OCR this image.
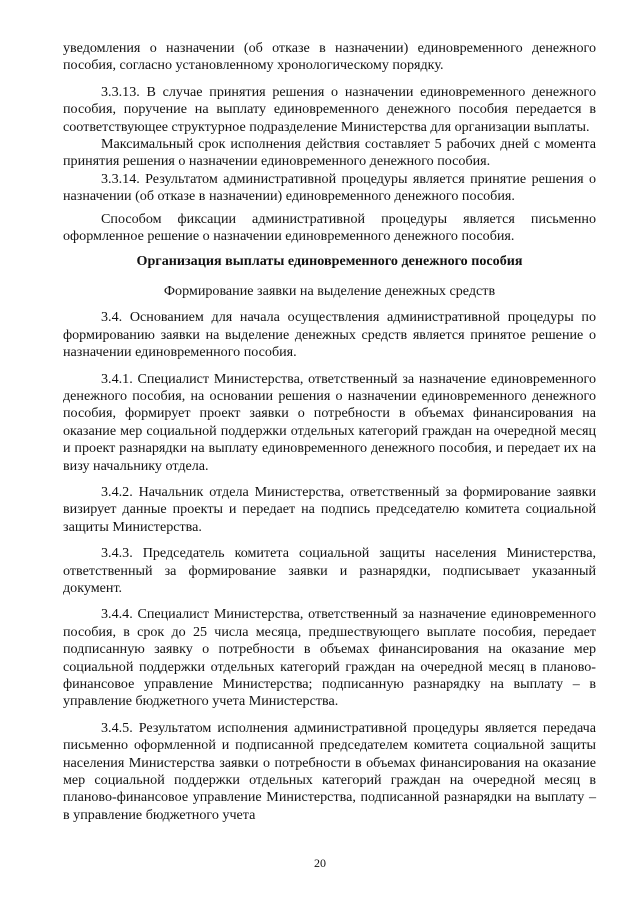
уведомления о назначении (об отказе в назначении) единовременного денежного пособия, согласно установленному хронологическому порядку.

3.3.13. В случае принятия решения о назначении единовременного денежного пособия, поручение на выплату единовременного денежного пособия передается в соответствующее структурное подразделение Министерства для организации выплаты.

Максимальный срок исполнения действия составляет 5 рабочих дней с момента принятия решения о назначении единовременного денежного пособия.

3.3.14. Результатом административной процедуры является принятие решения о назначении (об отказе в назначении) единовременного денежного пособия.

Способом фиксации административной процедуры является письменно оформленное решение о назначении единовременного денежного пособия.

Организация выплаты единовременного денежного пособия

Формирование заявки на выделение денежных средств

3.4. Основанием для начала осуществления административной процедуры по формированию заявки на выделение денежных средств является принятое решение о назначении единовременного пособия.

3.4.1. Специалист Министерства, ответственный за назначение единовременного денежного пособия, на основании решения о назначении единовременного денежного пособия, формирует проект заявки о потребности в объемах финансирования на оказание мер социальной поддержки отдельных категорий граждан на очередной месяц и проект разнарядки на выплату единовременного денежного пособия, и передает их на визу начальнику отдела.

3.4.2. Начальник отдела Министерства, ответственный за формирование заявки визирует данные проекты и передает на подпись председателю комитета социальной защиты Министерства.

3.4.3. Председатель комитета социальной защиты населения Министерства, ответственный за формирование заявки и разнарядки, подписывает указанный документ.

3.4.4. Специалист Министерства, ответственный за назначение единовременного пособия, в срок до 25 числа месяца, предшествующего выплате пособия, передает подписанную заявку о потребности в объемах финансирования на оказание мер социальной поддержки отдельных категорий граждан на очередной месяц в планово-финансовое управление Министерства; подписанную разнарядку на выплату – в управление бюджетного учета Министерства.

3.4.5. Результатом исполнения административной процедуры является передача письменно оформленной и подписанной председателем комитета социальной защиты населения Министерства заявки о потребности в объемах финансирования на оказание мер социальной поддержки отдельных категорий граждан на очередной месяц в планово-финансовое управление Министерства, подписанной разнарядки на выплату – в управление бюджетного учета

20
